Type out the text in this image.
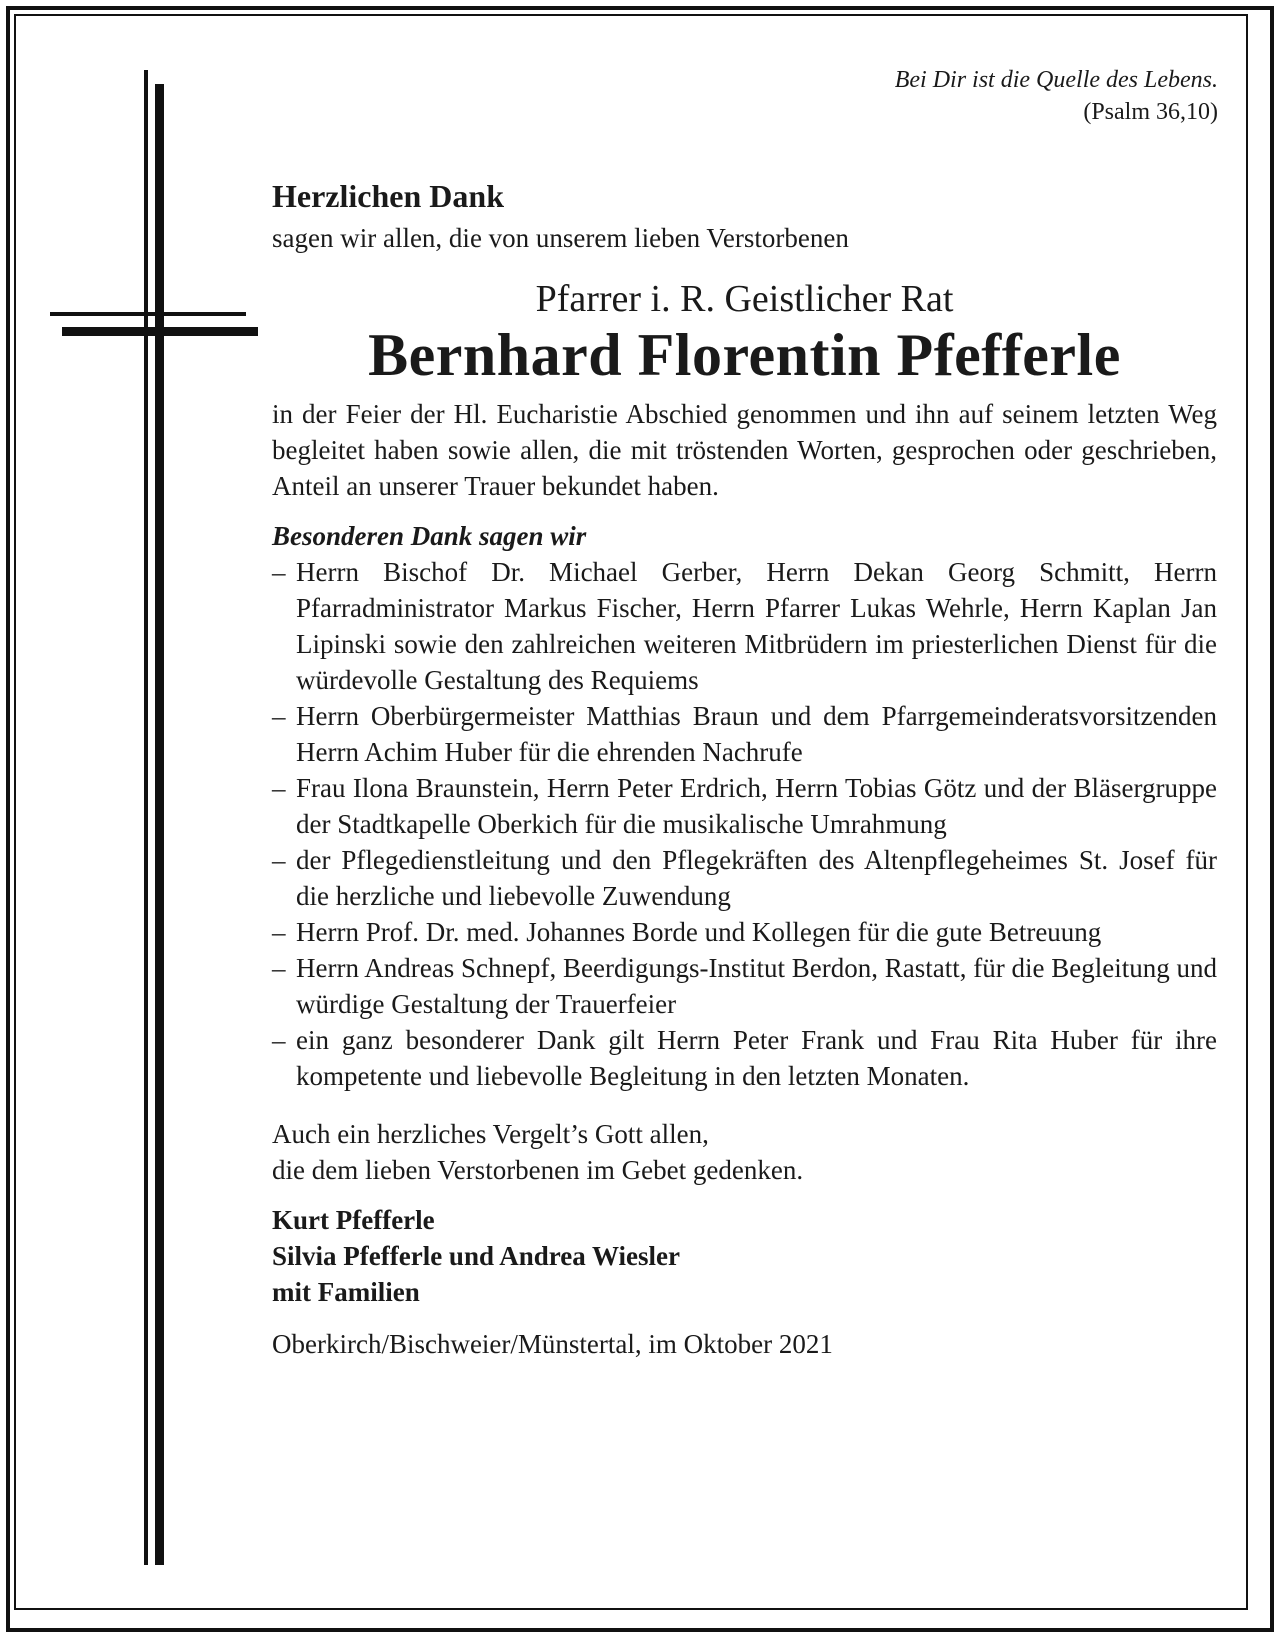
Bei Dir ist die Quelle des Lebens.
(Psalm 36,10)

Herzlichen Dank

sagen wir allen, die von unserem lieben Verstorbenen

Pfarrer i. R. Geistlicher Rat
Bernhard Florentin Pfefferle

in der Feier der Hl. Eucharistie Abschied genommen und ihn auf seinem letzten Weg begleitet haben sowie allen, die mit tröstenden Worten, gesprochen oder geschrieben, Anteil an unserer Trauer bekundet haben.

Besonderen Dank sagen wir

– Herrn Bischof Dr. Michael Gerber, Herrn Dekan Georg Schmitt, Herrn Pfarradministrator Markus Fischer, Herrn Pfarrer Lukas Wehrle, Herrn Kaplan Jan Lipinski sowie den zahlreichen weiteren Mitbrüdern im priesterlichen Dienst für die würdevolle Gestaltung des Requiems
– Herrn Oberbürgermeister Matthias Braun und dem Pfarrgemeinderatsvorsitzenden Herrn Achim Huber für die ehrenden Nachrufe
– Frau Ilona Braunstein, Herrn Peter Erdrich, Herrn Tobias Götz und der Bläsergruppe der Stadtkapelle Oberkich für die musikalische Umrahmung
– der Pflegedienstleitung und den Pflegekräften des Altenpflegeheimes St. Josef für die herzliche und liebevolle Zuwendung
– Herrn Prof. Dr. med. Johannes Borde und Kollegen für die gute Betreuung
– Herrn Andreas Schnepf, Beerdigungs-Institut Berdon, Rastatt, für die Begleitung und würdige Gestaltung der Trauerfeier
– ein ganz besonderer Dank gilt Herrn Peter Frank und Frau Rita Huber für ihre kompetente und liebevolle Begleitung in den letzten Monaten.
Auch ein herzliches Vergelt’s Gott allen,
die dem lieben Verstorbenen im Gebet gedenken.
Kurt Pfefferle
Silvia Pfefferle und Andrea Wiesler
mit Familien
Oberkirch/Bischweier/Münstertal, im Oktober 2021
